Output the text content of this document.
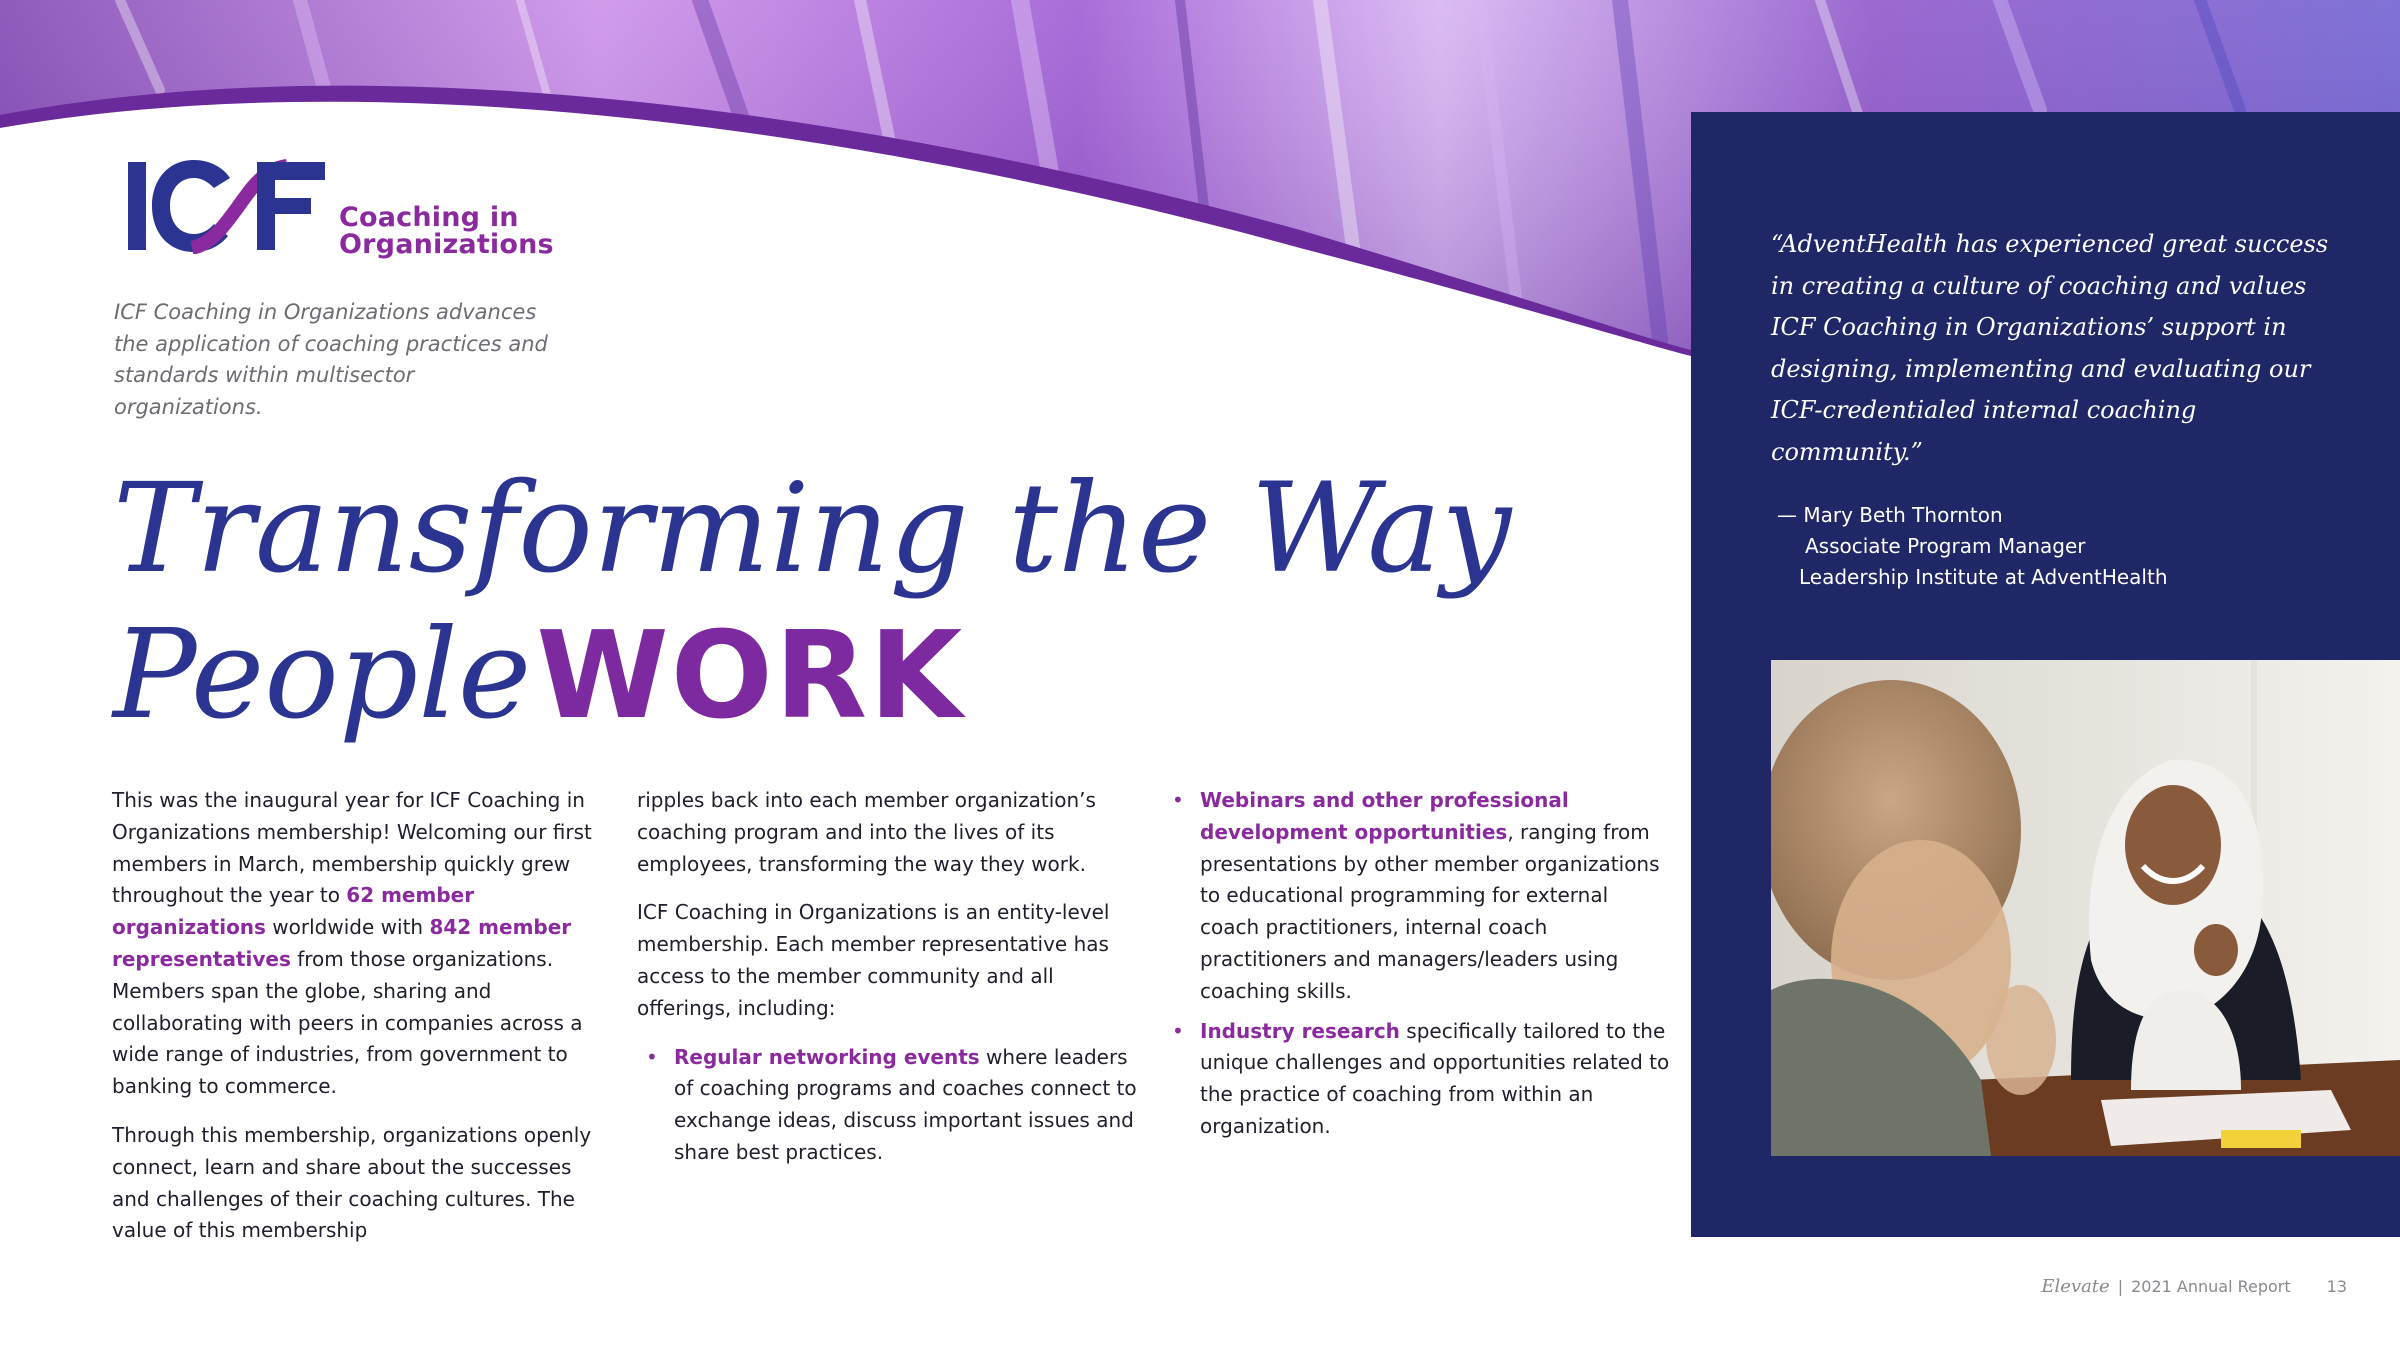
Coaching in
Organizations

ICF Coaching in Organizations advances the application of coaching practices and standards within multisector organizations.

Transforming the Way
People WORK

This was the inaugural year for ICF Coaching in Organizations membership! Welcoming our first members in March, membership quickly grew throughout the year to 62 member organizations worldwide with 842 member representatives from those organizations. Members span the globe, sharing and collaborating with peers in companies across a wide range of industries, from government to banking to commerce.

Through this membership, organizations openly connect, learn and share about the successes and challenges of their coaching cultures. The value of this membership

ripples back into each member organization’s coaching program and into the lives of its employees, transforming the way they work.

ICF Coaching in Organizations is an entity-level membership. Each member representative has access to the member community and all offerings, including:

• Regular networking events where leaders of coaching programs and coaches connect to exchange ideas, discuss important issues and share best practices.
• Webinars and other professional development opportunities, ranging from presentations by other member organizations to educational programming for external coach practitioners, internal coach practitioners and managers/leaders using coaching skills.
• Industry research specifically tailored to the unique challenges and opportunities related to the practice of coaching from within an organization.

“AdventHealth has experienced great success in creating a culture of coaching and values ICF Coaching in Organizations’ support in designing, implementing and evaluating our ICF-credentialed internal coaching community.”

— Mary Beth Thornton
Associate Program Manager
Leadership Institute at AdventHealth
Elevate | 2021 Annual Report 13
